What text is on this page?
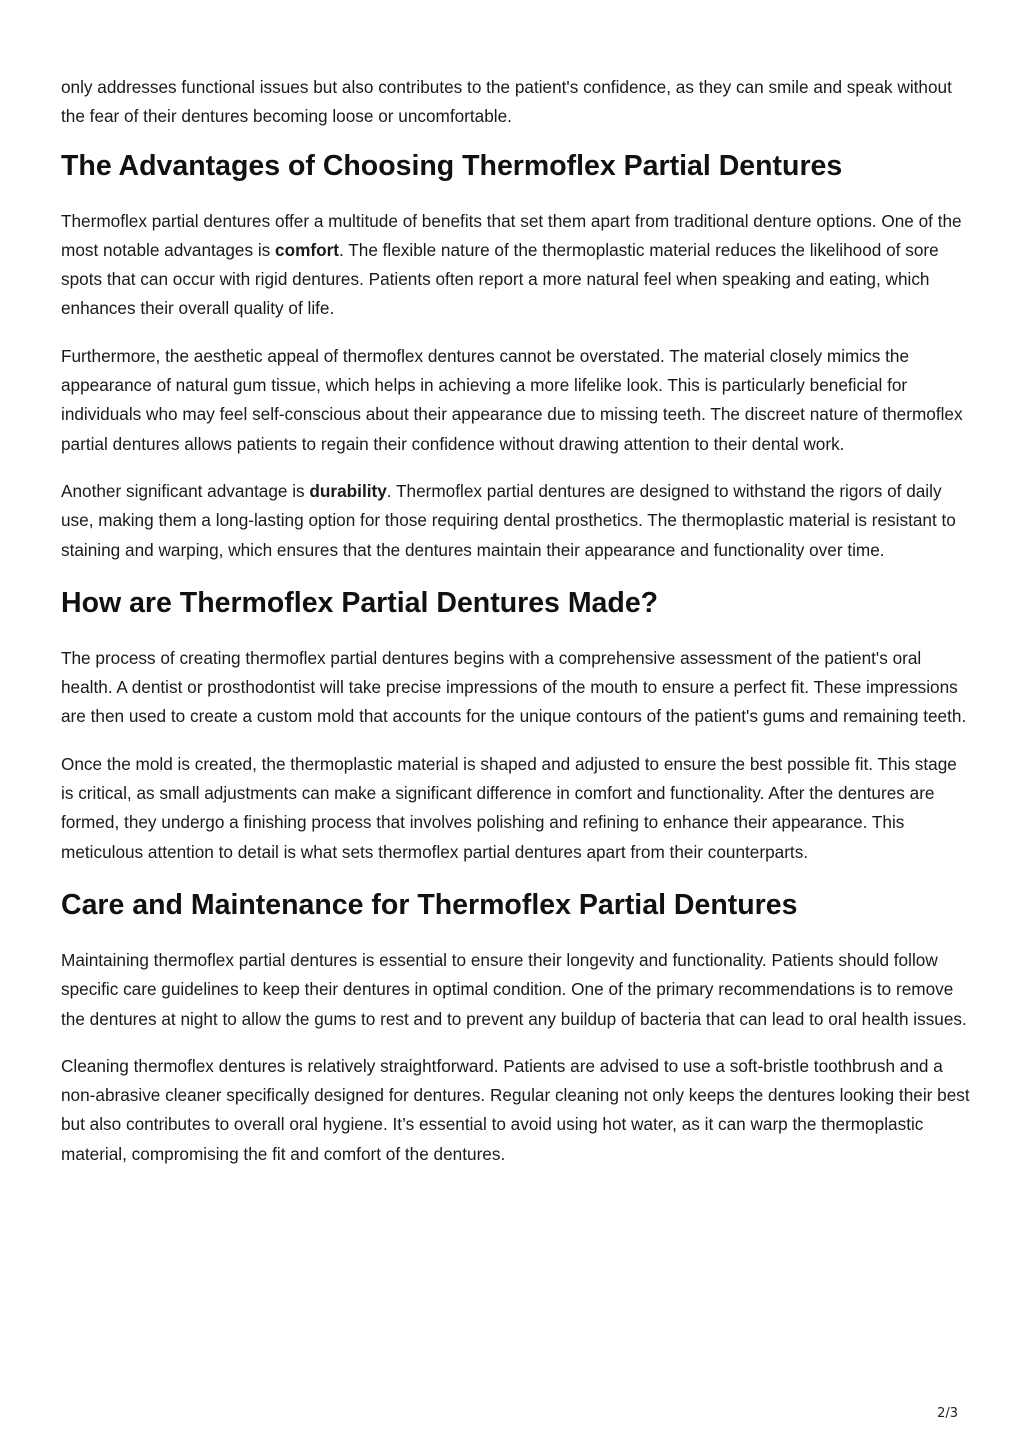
only addresses functional issues but also contributes to the patient's confidence, as they can smile and speak without the fear of their dentures becoming loose or uncomfortable.

The Advantages of Choosing Thermoflex Partial Dentures

Thermoflex partial dentures offer a multitude of benefits that set them apart from traditional denture options. One of the most notable advantages is comfort. The flexible nature of the thermoplastic material reduces the likelihood of sore spots that can occur with rigid dentures. Patients often report a more natural feel when speaking and eating, which enhances their overall quality of life.

Furthermore, the aesthetic appeal of thermoflex dentures cannot be overstated. The material closely mimics the appearance of natural gum tissue, which helps in achieving a more lifelike look. This is particularly beneficial for individuals who may feel self-conscious about their appearance due to missing teeth. The discreet nature of thermoflex partial dentures allows patients to regain their confidence without drawing attention to their dental work.

Another significant advantage is durability. Thermoflex partial dentures are designed to withstand the rigors of daily use, making them a long-lasting option for those requiring dental prosthetics. The thermoplastic material is resistant to staining and warping, which ensures that the dentures maintain their appearance and functionality over time.

How are Thermoflex Partial Dentures Made?

The process of creating thermoflex partial dentures begins with a comprehensive assessment of the patient's oral health. A dentist or prosthodontist will take precise impressions of the mouth to ensure a perfect fit. These impressions are then used to create a custom mold that accounts for the unique contours of the patient's gums and remaining teeth.

Once the mold is created, the thermoplastic material is shaped and adjusted to ensure the best possible fit. This stage is critical, as small adjustments can make a significant difference in comfort and functionality. After the dentures are formed, they undergo a finishing process that involves polishing and refining to enhance their appearance. This meticulous attention to detail is what sets thermoflex partial dentures apart from their counterparts.

Care and Maintenance for Thermoflex Partial Dentures

Maintaining thermoflex partial dentures is essential to ensure their longevity and functionality. Patients should follow specific care guidelines to keep their dentures in optimal condition. One of the primary recommendations is to remove the dentures at night to allow the gums to rest and to prevent any buildup of bacteria that can lead to oral health issues.

Cleaning thermoflex dentures is relatively straightforward. Patients are advised to use a soft-bristle toothbrush and a non-abrasive cleaner specifically designed for dentures. Regular cleaning not only keeps the dentures looking their best but also contributes to overall oral hygiene. It’s essential to avoid using hot water, as it can warp the thermoplastic material, compromising the fit and comfort of the dentures.

2/3
